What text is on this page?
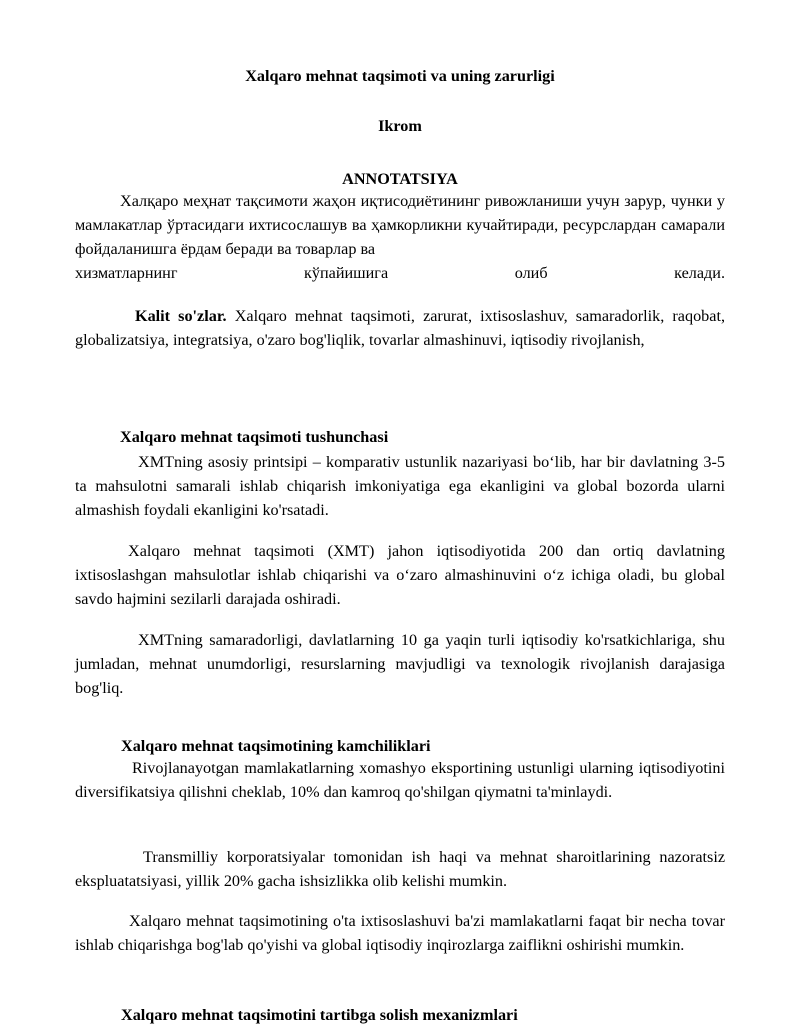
Xalqaro mehnat taqsimoti va uning zarurligi
Ikrom
ANNOTATSIYA
Халқаро меҳнат тақсимоти жаҳон иқтисодиётининг ривожланиши учун зарур, чунки у мамлакатлар ўртасидаги ихтисослашув ва ҳамкорликни кучайтиради, ресурслардан самарали фойдаланишга ёрдам беради ва товарлар ва
хизматларнинг кўпайишига олиб келади.
Kalit so'zlar. Xalqaro mehnat taqsimoti, zarurat, ixtisoslashuv, samaradorlik, raqobat, globalizatsiya, integratsiya, o'zaro bog'liqlik, tovarlar almashinuvi, iqtisodiy rivojlanish,
Xalqaro mehnat taqsimoti tushunchasi
XMTning asosiy printsipi – komparativ ustunlik nazariyasi bo‘lib, har bir davlatning 3-5 ta mahsulotni samarali ishlab chiqarish imkoniyatiga ega ekanligini va global bozorda ularni almashish foydali ekanligini ko'rsatadi.
Xalqaro mehnat taqsimoti (XMT) jahon iqtisodiyotida 200 dan ortiq davlatning ixtisoslashgan mahsulotlar ishlab chiqarishi va o‘zaro almashinuvini o‘z ichiga oladi, bu global savdo hajmini sezilarli darajada oshiradi.
XMTning samaradorligi, davlatlarning 10 ga yaqin turli iqtisodiy ko'rsatkichlariga, shu jumladan, mehnat unumdorligi, resurslarning mavjudligi va texnologik rivojlanish darajasiga bog'liq.
Xalqaro mehnat taqsimotining kamchiliklari
Rivojlanayotgan mamlakatlarning xomashyo eksportining ustunligi ularning iqtisodiyotini diversifikatsiya qilishni cheklab, 10% dan kamroq qo'shilgan qiymatni ta'minlaydi.
Transmilliy korporatsiyalar tomonidan ish haqi va mehnat sharoitlarining nazoratsiz ekspluatatsiyasi, yillik 20% gacha ishsizlikka olib kelishi mumkin.
Xalqaro mehnat taqsimotining o'ta ixtisoslashuvi ba'zi mamlakatlarni faqat bir necha tovar ishlab chiqarishga bog'lab qo'yishi va global iqtisodiy inqirozlarga zaiflikni oshirishi mumkin.
Xalqaro mehnat taqsimotini tartibga solish mexanizmlari
